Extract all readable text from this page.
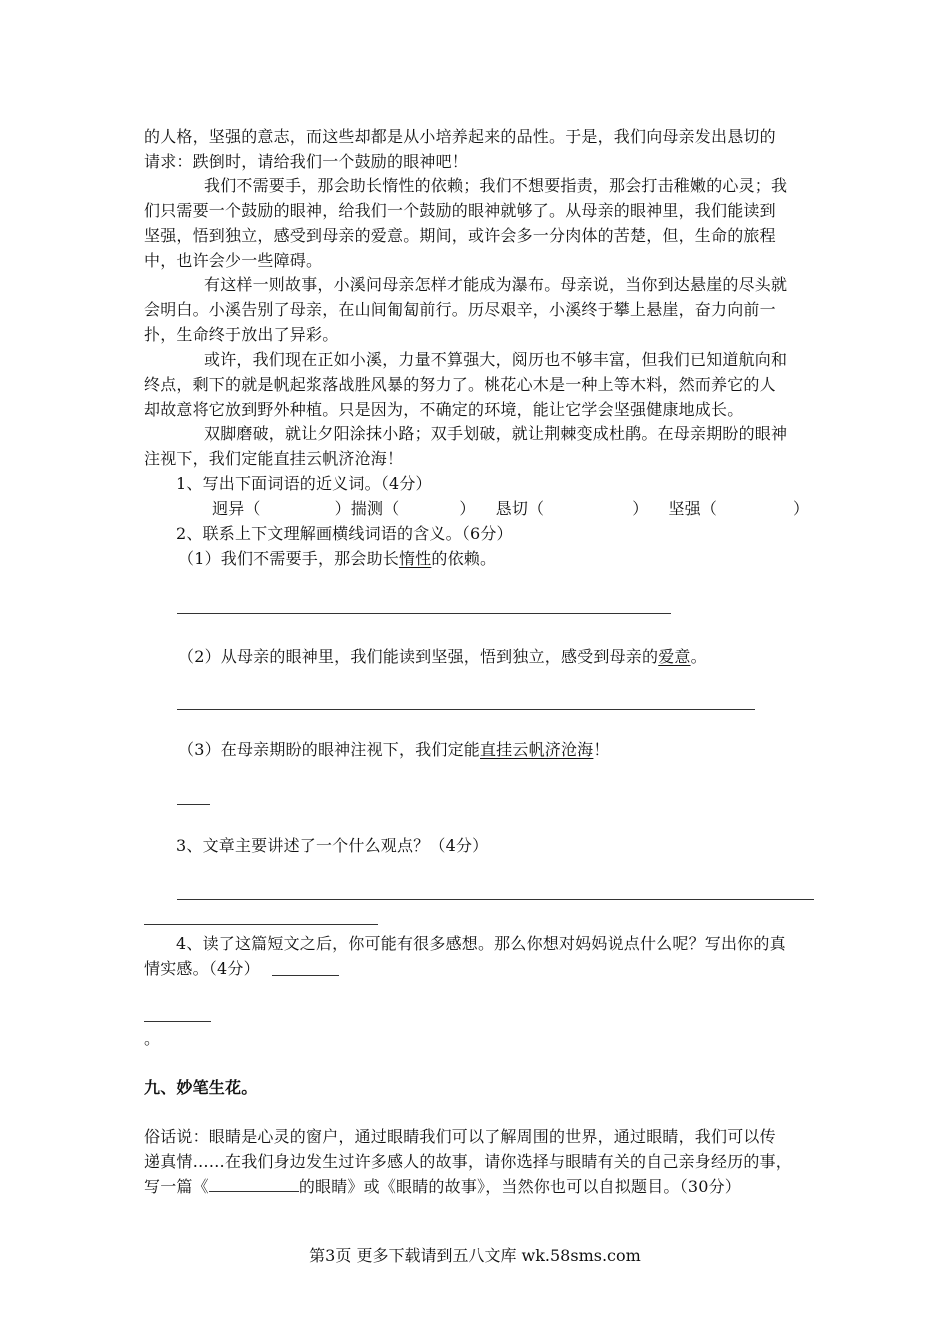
的人格，坚强的意志，而这些却都是从小培养起来的品性。于是，我们向母亲发出恳切的
请求：跌倒时，请给我们一个鼓励的眼神吧！
我们不需要手，那会助长惰性的依赖；我们不想要指责，那会打击稚嫩的心灵；我
们只需要一个鼓励的眼神，给我们一个鼓励的眼神就够了。从母亲的眼神里，我们能读到
坚强，悟到独立，感受到母亲的爱意。期间，或许会多一分肉体的苦楚，但，生命的旅程
中，也许会少一些障碍。
有这样一则故事，小溪问母亲怎样才能成为瀑布。母亲说，当你到达悬崖的尽头就
会明白。小溪告别了母亲，在山间匍匐前行。历尽艰辛，小溪终于攀上悬崖，奋力向前一
扑，生命终于放出了异彩。
或许，我们现在正如小溪，力量不算强大，阅历也不够丰富，但我们已知道航向和
终点，剩下的就是帆起浆落战胜风暴的努力了。桃花心木是一种上等木料，然而养它的人
却故意将它放到野外种植。只是因为，不确定的环境，能让它学会坚强健康地成长。
双脚磨破，就让夕阳涂抹小路；双手划破，就让荆棘变成杜鹃。在母亲期盼的眼神
注视下，我们定能直挂云帆济沧海！
1、写出下面词语的近义词。（4分）
迥异（	）揣测（	） 恳切（	） 坚强（	）
2、联系上下文理解画横线词语的含义。（6分）
（1）我们不需要手，那会助长惰性的依赖。
（2）从母亲的眼神里，我们能读到坚强，悟到独立，感受到母亲的爱意。
（3）在母亲期盼的眼神注视下，我们定能直挂云帆济沧海！
3、文章主要讲述了一个什么观点？（4分）
4、读了这篇短文之后，你可能有很多感想。那么你想对妈妈说点什么呢？写出你的真
情实感。（4分）
。
九、妙笔生花。
俗话说：眼睛是心灵的窗户，通过眼睛我们可以了解周围的世界，通过眼睛，我们可以传
递真情……在我们身边发生过许多感人的故事，请你选择与眼睛有关的自己亲身经历的事，
写一篇《	的眼睛》或《眼睛的故事》，当然你也可以自拟题目。（30分）
第3页 更多下载请到五八文库 wk.58sms.com
